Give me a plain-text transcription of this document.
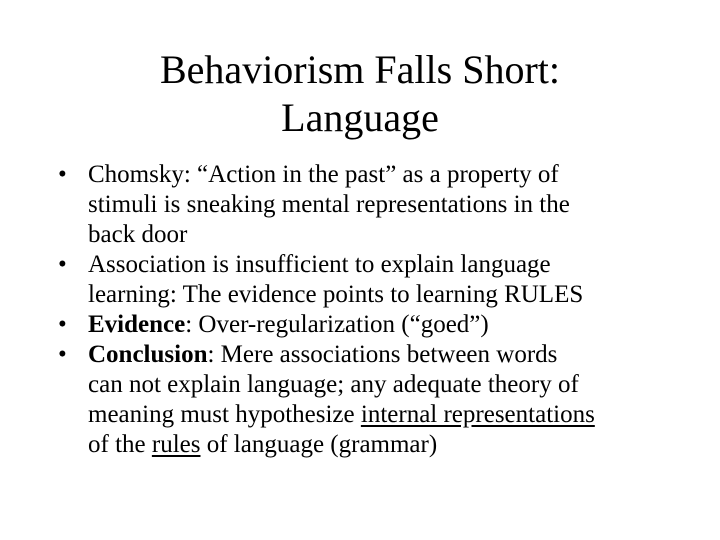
Behaviorism Falls Short:
Language
• Chomsky: “Action in the past” as a property of
stimuli is sneaking mental representations in the
back door
• Association is insufficient to explain language
learning: The evidence points to learning RULES
• Evidence: Over-regularization (“goed”)
• Conclusion: Mere associations between words
can not explain language; any adequate theory of
meaning must hypothesize internal representations
of the rules of language (grammar)
